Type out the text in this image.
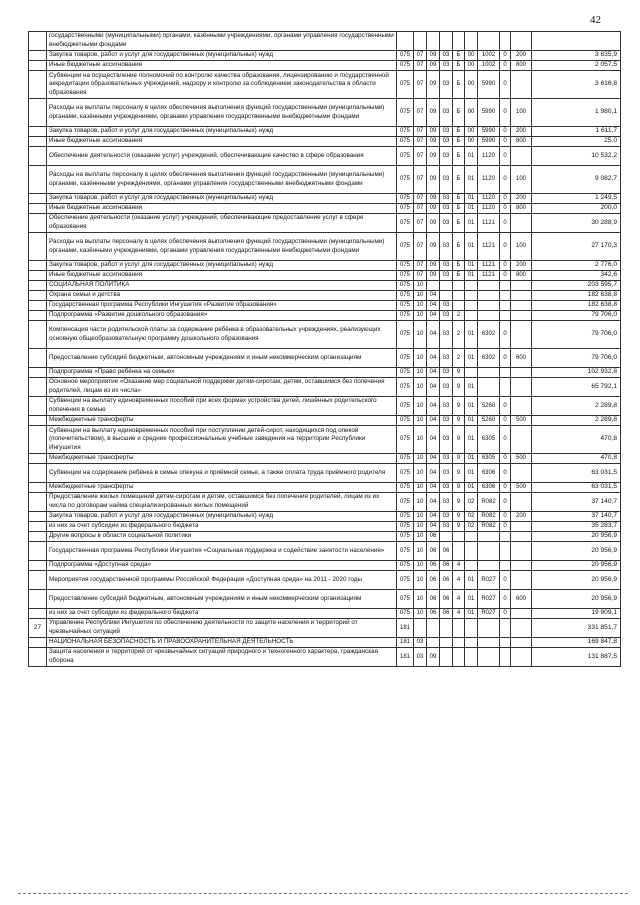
42
	государственными (муниципальными) органами, казёнными учреждениями, органами управления государственными внебюджетными фондами										
	Закупка товаров, работ и услуг для государственных (муниципальных) нужд	075	07	09	03	Б	00	1002	0	200	3 835,9
	Иные бюджетные ассигнования	075	07	09	03	Б	00	1002	0	800	2 057,5
	Субвенции на осуществление полномочий по контролю качества образования, лицензированию и государственной аккредитации образовательных учреждений, надзору и контролю за соблюдением законодательства в области образования	075	07	09	03	Б	00	5990	0		3 616,8
	Расходы на выплаты персоналу в целях обеспечения выполнения функций государственными (муниципальными) органами, казёнными учреждениями, органами управления государственными внебюджетными фондами	075	07	09	03	Б	00	5990	0	100	1 980,1
	Закупка товаров, работ и услуг для государственных (муниципальных) нужд	075	07	09	03	Б	00	5990	0	200	1 611,7
	Иные бюджетные ассигнования	075	07	09	03	Б	00	5990	0	800	25,0
	Обеспечение деятельности (оказание услуг) учреждений, обеспечивающие качество в сфере образования	075	07	09	03	Б	01	1120	0		10 532,2
	Расходы на выплаты персоналу в целях обеспечения выполнения функций государственными (муниципальными) органами, казённными учреждениями, органами управления государственными внебюджетными фондами	075	07	09	03	Б	01	1120	0	100	9 082,7
	Закупка товаров, работ и услуг для государственных (муниципальных) нужд	075	07	09	03	Б	01	1120	0	200	1 249,5
	Иные бюджетные ассигнования	075	07	09	03	Б	01	1120	0	800	200,0
	Обеспечение деятельности (оказание услуг) учреждений, обеспечивающие предоставление услуг в сфере образования	075	07	09	03	Б	01	1121	0		30 288,9
	Расходы на выплаты персоналу в целях обеспечения выполнения функций государственными (муниципальными) органами, казёнными учреждениями, органами управления государственными внебюджетными фондами	075	07	09	03	Б	01	1121	0	100	27 170,3
	Закупка товаров, работ и услуг для государственных (муниципальных) нужд	075	07	09	03	Б	01	1121	0	200	2 776,0
	Иные бюджетные ассигнования	075	07	09	03	Б	01	1121	0	800	342,6
	СОЦИАЛЬНАЯ ПОЛИТИКА	075	10								203 595,7
	Охрана семьи и детства	075	10	04							182 638,8
	Государственная программа Республики Ингушетия «Развитие образования»	075	10	04	03						182 638,8
	Подпрограмма «Развитие дошкольного образования»	075	10	04	03	2					79 706,0
	Компенсация части родительской платы за содержание ребёнка в образовательных учреждениях, реализующих основную общеобразовательную программу дошкольного образования	075	10	04	03	2	01	6302	0		79 706,0
	Предоставление субсидий бюджетным, автономным учреждениям и иным некоммерческим организациям	075	10	04	03	2	01	6302	0	600	79 706,0
	Подпрограмма «Право ребёнка на семью»	075	10	04	03	9					102 932,8
	Основное мероприятие «Оказание мер социальной поддержки детям-сиротам, детям, оставшимся без попечения родителей, лицам из их числа»	075	10	04	03	9	01				65 792,1
	Субвенции на выплату единовременных пособий при всех формах устройства детей, лишённых родительского попечения в семью	075	10	04	03	9	01	5260	0		2 289,8
	Межбюджетные трансферты	075	10	04	03	9	01	5260	0	500	2 289,8
	Субвенции на выплату единовременных пособий при поступлении детей-сирот, находящихся под опекой (попечительством), в высшие и средние профессиональные учебные заведения на территории Республики Ингушетия	075	10	04	03	9	01	6305	0		470,8
	Межбюджетные трансферты	075	10	04	03	9	01	6305	0	500	470,8
	Субвенции на содержание ребёнка в семье опекуна и приёмной семье, а также оплата труда приёмного родителя	075	10	04	03	9	01	6306	0		63 031,5
	Межбюджетные трансферты	075	10	04	03	9	01	6306	0	500	63 031,5
	Предоставление жилых помещений детям-сиротам и детям, оставшимся без попечения родителей, лицам из их числа по договорам найма специализированных жилых помещений	075	10	04	03	9	02	R082	0		37 140,7
	Закупка товаров, работ и услуг для государственных (муниципальных) нужд	075	10	04	03	9	02	R082	0	200	37 140,7
	из них за счет субсидии из федерального бюджета	075	10	04	03	9	02	R082	0		35 283,7
	Другие вопросы в области социальной политики	075	10	06							20 956,9
	Государственная программа Республики Ингушетия «Социальная поддержка и содействие занятости населения»	075	10	06	06						20 956,9
	Подпрограмма «Доступная среда»	075	10	06	06	4					20 956,9
	Мероприятия государственной программы Российской Федерации «Доступная среда» на 2011 - 2020 годы	075	10	06	06	4	01	R027	0		20 956,9
	Предоставление субсидий бюджетным, автономным учреждениям и иным некоммерческим организациям	075	10	06	06	4	01	R027	0	600	20 956,9
	из них за счет субсидии из федерального бюджета	075	10	06	06	4	01	R027	0		19 909,1
27	Управление Республики Ингушетия по обеспечению деятельности по защите населения и территорий от чрезвычайных ситуаций	181									331 851,7
	НАЦИОНАЛЬНАЯ БЕЗОПАСНОСТЬ И ПРАВООХРАНИТЕЛЬНАЯ ДЕЯТЕЛЬНОСТЬ	181	03								169 847,8
	Защита населения и территорий от чрезвычайных ситуаций природного и техногенного характера, гражданская оборона	181	03	09							131 887,5
